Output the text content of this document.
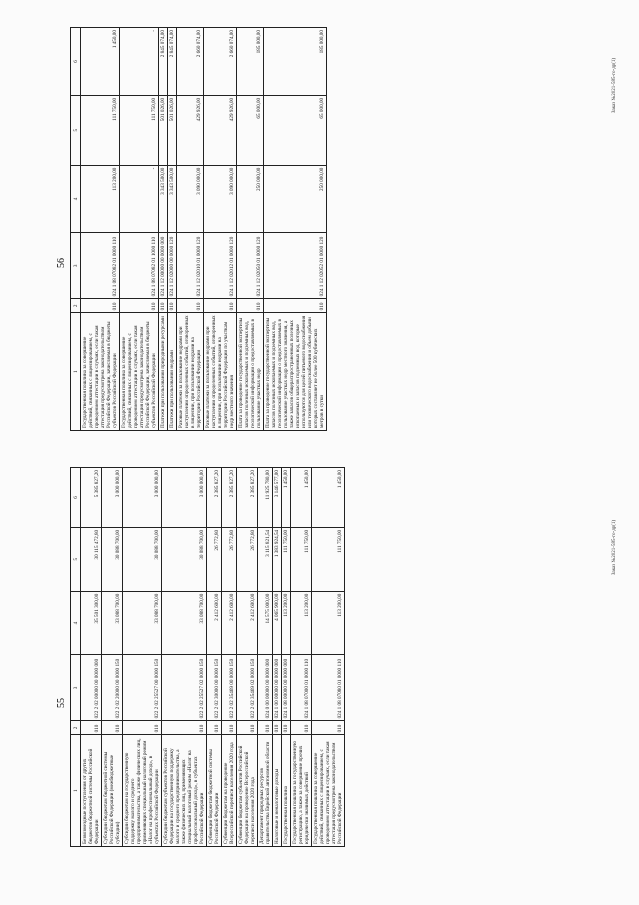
55
1	2	3	4	5	6
Безвозмездные поступления от других бюджетов бюджетной системы Российской Федерации	010	022 2 02 00000 00 0000 000	35 501 300,00	30 115 472,80	5 385 827,20
Субсидии бюджетам бюджетной системы Российской Федерации (межбюджетные субсидии)	010	022 2 02 20000 00 0000 150	33 088 700,00	30 088 700,00	3 000 000,00
Субсидии бюджетам на государственную поддержку малого и среднего предпринимательства, а также физических лиц, применяющих специальный налоговый режим «Налог на профессиональный доход», в субъектах Российской Федерации	010	022 2 02 25527 00 0000 150	33 088 700,00	30 088 700,00	3 000 000,00
Субсидии бюджетам субъектов Российской Федерации на государственную поддержку малого и среднего предпринимательства, а также физических лиц, применяющих специальный налоговый режим «Налог на профессиональный доход», в субъектах Российской Федерации	010	022 2 02 25527 02 0000 150	33 088 700,00	30 088 700,00	3 000 000,00
Субвенции бюджетам бюджетной системы Российской Федерации	010	022 2 02 30000 00 0000 150	2 412 600,00	26 772,80	2 385 827,20
Субвенции бюджетам на проведение Всероссийской переписи населения 2020 года	010	022 2 02 35469 00 0000 150	2 412 600,00	26 772,80	2 385 827,20
Субвенции бюджетам субъектов Российской Федерации на проведение Всероссийской переписи населения 2020 года	010	022 2 02 35469 02 0000 150	2 412 600,00	26 772,80	2 385 827,20
Департамент природных ресурсов правительства Еврейской автономной области	010	024 0 00 00000 00 0000 000	14 575 000,00	3 115 821,54	11 925 780,00
Налоговые и неналоговые доходы	010	024 1 00 00000 00 0000 000	4 065 900,00	1 383 924,54	3 146 577,00
Государственная пошлина	010	024 1 08 00000 00 0000 000	113 200,00	111 750,00	1 450,00
Государственная пошлина за государственную регистрацию, а также за совершение прочих юридически значимых действий	010	024 1 08 07000 01 0000 110	113 200,00	111 750,00	1 450,00
Государственная пошлина за совершение действий, связанных с лицензированием, с проведением аттестации в случаях, если такая аттестация предусмотрена законодательством Российской Федерации	010	024 1 08 07080 01 0000 110	113 200,00	111 750,00	1 450,00
Заказ №2021-585-го-др(1)
56
1	2	3	4	5	6
Государственная пошлина за совершение действий, связанных с лицензированием, с проведением аттестации в случаях, если такая аттестация предусмотрена законодательством Российской Федерации, зачисляемая в бюджеты субъектов Российской Федерации	010	024 1 08 07082 01 0000 110	113 200,00	111 750,00	1 450,00
Государственная пошлина за совершение действий, связанных с лицензированием, с проведением аттестации в случаях, если такая аттестация предусмотрена законодательством Российской Федерации, зачисляемая в бюджеты субъектов Российской Федерации	010	024 1 08 07082 01 1000 110	-	111 750,00	-
Платежи при пользовании природными ресурсами	010	024 1 12 00000 00 0000 000	3 343 500,00	501 026,00	2 845 074,00
Платежи при пользовании недрами	010	024 1 12 02000 00 0000 120	3 343 500,00	501 026,00	2 845 074,00
Разовые платежи за пользование недрами при наступлении определенных событий, оговоренных в лицензии, при пользовании недрами на территории Российской Федерации	010	024 1 12 02010 01 0000 120	3 090 000,00	429 926,00	2 660 074,00
Разовые платежи за пользование недрами при наступлении определенных событий, оговоренных в лицензии, при пользовании недрами на территории Российской Федерации по участкам недр местного значения	010	024 1 12 02012 01 0000 120	3 090 000,00	429 926,00	2 660 074,00
Плата за проведение государственной экспертизы запасов полезных ископаемых и подземных вод, геологической информации о предоставляемых в пользование участках недр	010	024 1 12 02050 01 0000 120	250 000,00	65 000,00	185 000,00
Плата за проведение государственной экспертизы запасов полезных ископаемых и подземных вод, геологической информации о предоставляемых в пользование участках недр местного значения, а также запасов общераспространенных полезных ископаемых и запасов подземных вод, которые используются для целей питьевого водоснабжения или технического водоснабжения и объем добычи которых составляет не более 500 кубических метров в сутки	010	024 1 12 02052 01 0000 120	250 000,00	65 000,00	185 000,00
Заказ №2021-585-го-др(1)
